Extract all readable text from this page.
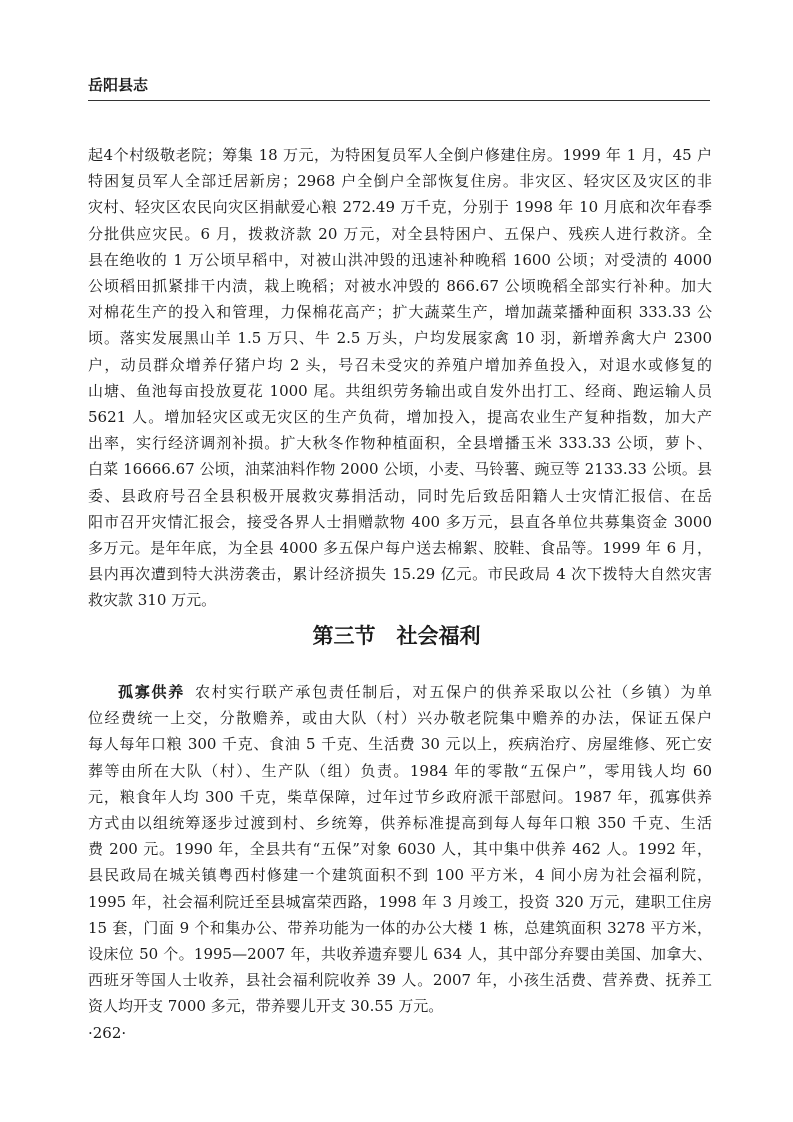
岳阳县志
起4个村级敬老院；筹集 18 万元，为特困复员军人全倒户修建住房。1999 年 1 月，45 户
特困复员军人全部迁居新房；2968 户全倒户全部恢复住房。非灾区、轻灾区及灾区的非
灾村、轻灾区农民向灾区捐献爱心粮 272.49 万千克，分别于 1998 年 10 月底和次年春季
分批供应灾民。6 月，拨救济款 20 万元，对全县特困户、五保户、残疾人进行救济。全
县在绝收的 1 万公顷早稻中，对被山洪冲毁的迅速补种晚稻 1600 公顷；对受渍的 4000
公顷稻田抓紧排干内渍，栽上晚稻；对被水冲毁的 866.67 公顷晚稻全部实行补种。加大
对棉花生产的投入和管理，力保棉花高产；扩大蔬菜生产，增加蔬菜播种面积 333.33 公
顷。落实发展黑山羊 1.5 万只、牛 2.5 万头，户均发展家禽 10 羽，新增养禽大户 2300
户，动员群众增养仔猪户均 2 头，号召未受灾的养殖户增加养鱼投入，对退水或修复的
山塘、鱼池每亩投放夏花 1000 尾。共组织劳务输出或自发外出打工、经商、跑运输人员
5621 人。增加轻灾区或无灾区的生产负荷，增加投入，提高农业生产复种指数，加大产
出率，实行经济调剂补损。扩大秋冬作物种植面积，全县增播玉米 333.33 公顷，萝卜、
白菜 16666.67 公顷，油菜油料作物 2000 公顷，小麦、马铃薯、豌豆等 2133.33 公顷。县
委、县政府号召全县积极开展救灾募捐活动，同时先后致岳阳籍人士灾情汇报信、在岳
阳市召开灾情汇报会，接受各界人士捐赠款物 400 多万元，县直各单位共募集资金 3000
多万元。是年年底，为全县 4000 多五保户每户送去棉絮、胶鞋、食品等。1999 年 6 月，
县内再次遭到特大洪涝袭击，累计经济损失 15.29 亿元。市民政局 4 次下拨特大自然灾害
救灾款 310 万元。
第三节　社会福利
孤寡供养 农村实行联产承包责任制后，对五保户的供养采取以公社（乡镇）为单
位经费统一上交，分散赡养，或由大队（村）兴办敬老院集中赡养的办法，保证五保户
每人每年口粮 300 千克、食油 5 千克、生活费 30 元以上，疾病治疗、房屋维修、死亡安
葬等由所在大队（村）、生产队（组）负责。1984 年的零散“五保户”，零用钱人均 60
元，粮食年人均 300 千克，柴草保障，过年过节乡政府派干部慰问。1987 年，孤寡供养
方式由以组统筹逐步过渡到村、乡统筹，供养标准提高到每人每年口粮 350 千克、生活
费 200 元。1990 年，全县共有“五保”对象 6030 人，其中集中供养 462 人。1992 年，
县民政局在城关镇粤西村修建一个建筑面积不到 100 平方米，4 间小房为社会福利院，
1995 年，社会福利院迁至县城富荣西路，1998 年 3 月竣工，投资 320 万元，建职工住房
15 套，门面 9 个和集办公、带养功能为一体的办公大楼 1 栋，总建筑面积 3278 平方米，
设床位 50 个。1995—2007 年，共收养遗弃婴儿 634 人，其中部分弃婴由美国、加拿大、
西班牙等国人士收养，县社会福利院收养 39 人。2007 年，小孩生活费、营养费、抚养工
资人均开支 7000 多元，带养婴儿开支 30.55 万元。
·262·
